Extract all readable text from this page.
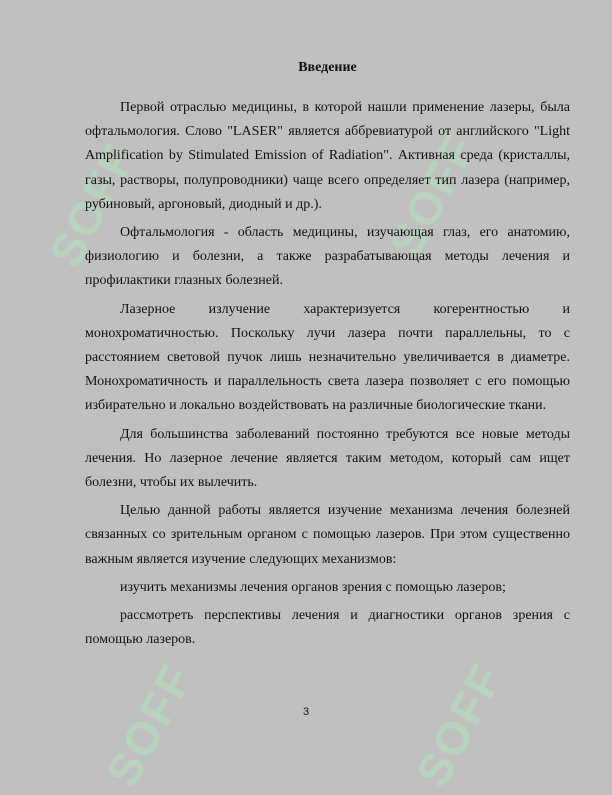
SOFF	SOFF
SOFF	SOFF
Введение

Первой отраслью медицины, в которой нашли применение лазеры, была офтальмология. Слово "LASER" является аббревиатурой от английского "Light Amplification by Stimulated Emission of Radiation". Активная среда (кристаллы, газы, растворы, полупроводники) чаще всего определяет тип лазера (например, рубиновый, аргоновый, диодный и др.).

Офтальмология - область медицины, изучающая глаз, его анатомию, физиологию и болезни, а также разрабатывающая методы лечения и профилактики глазных болезней.

Лазерное излучение характеризуется когерентностью и монохроматичностью. Поскольку лучи лазера почти параллельны, то с расстоянием световой пучок лишь незначительно увеличивается в диаметре. Монохроматичность и параллельность света лазера позволяет с его помощью избирательно и локально воздействовать на различные биологические ткани.

Для большинства заболеваний постоянно требуются все новые методы лечения. Но лазерное лечение является таким методом, который сам ищет болезни, чтобы их вылечить.

Целью данной работы является изучение механизма лечения болезней связанных со зрительным органом с помощью лазеров. При этом существенно важным является изучение следующих механизмов:

изучить механизмы лечения органов зрения с помощью лазеров;

рассмотреть перспективы лечения и диагностики органов зрения с помощью лазеров.

3
